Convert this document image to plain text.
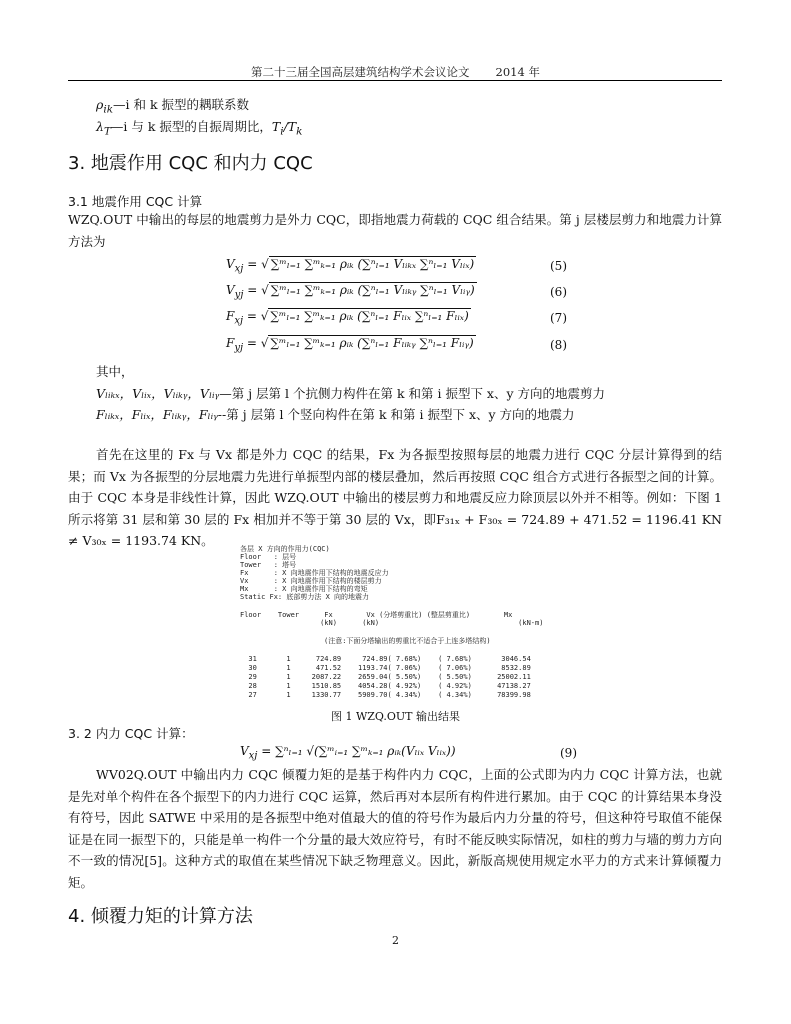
第二十三届全国高层建筑结构学术会议论文 2014 年
$\rho_{ik}—i$ 和 k 振型的耦联系数
$\lambda_T—i$ 与 k 振型的自振周期比，$T_i/T_k$
3. 地震作用 CQC 和内力 CQC
3.1 地震作用 CQC 计算
WZQ.OUT 中输出的每层的地震剪力是外力 CQC，即指地震力荷载的 CQC 组合结果。第 j 层楼层剪力和地震力计算方法为
$V_{xj}$ = √ ∑ᵐₗ₌₁ ∑ᵐₖ₌₁ ρᵢₖ (∑ⁿₗ₌₁ Vₗᵢₖₓ ∑ⁿₗ₌₁ Vₗᵢₓ)	(5)
$V_{yj}$ = √ ∑ᵐₗ₌₁ ∑ᵐₖ₌₁ ρᵢₖ (∑ⁿₗ₌₁ Vₗᵢₖᵧ ∑ⁿₗ₌₁ Vₗᵢᵧ)	(6)
$F_{xj}$ = √ ∑ᵐₗ₌₁ ∑ᵐₖ₌₁ ρᵢₖ (∑ⁿₗ₌₁ Fₗᵢₓ ∑ⁿₗ₌₁ Fₗᵢₓ)	(7)
$F_{yj}$ = √ ∑ᵐₗ₌₁ ∑ᵐₖ₌₁ ρᵢₖ (∑ⁿₗ₌₁ Fₗᵢₖᵧ ∑ⁿₗ₌₁ Fₗᵢᵧ)	(8)
其中，
Vₗᵢₖₓ，Vₗᵢₓ，Vₗᵢₖᵧ，Vₗᵢᵧ—第 j 层第 l 个抗侧力构件在第 k 和第 i 振型下 x、y 方向的地震剪力
Fₗᵢₖₓ，Fₗᵢₓ，Fₗᵢₖᵧ，Fₗᵢᵧ--第 j 层第 l 个竖向构件在第 k 和第 i 振型下 x、y 方向的地震力
首先在这里的 Fx 与 Vx 都是外力 CQC 的结果，Fx 为各振型按照每层的地震力进行 CQC 分层计算得到的结果；而 Vx 为各振型的分层地震力先进行单振型内部的楼层叠加，然后再按照 CQC 组合方式进行各振型之间的计算。由于 CQC 本身是非线性计算，因此 WZQ.OUT 中输出的楼层剪力和地震反应力除顶层以外并不相等。例如：下图 1 所示将第 31 层和第 30 层的 Fx 相加并不等于第 30 层的 Vx，即F₃₁ₓ + F₃₀ₓ = 724.89 + 471.52 = 1196.41 KN ≠ V₃₀ₓ = 1193.74 KN。
各层 X 方向的作用力(CQC)
Floor   : 层号
Tower   : 塔号
Fx      : X 向地震作用下结构的地震反应力
Vx      : X 向地震作用下结构的楼层剪力
Mx      : X 向地震作用下结构的弯矩
Static Fx: 底部剪力法 X 向的地震力
Floor    Tower      Fx        Vx (分塔剪重比) (整层剪重比)        Mx
(kN)      (kN)                                 (kN-m)
(注意:下面分塔输出的剪重比不适合于上连多塔结构)
31       1      724.89     724.89( 7.68%)    ( 7.68%)       3046.54
30       1      471.52    1193.74( 7.06%)    ( 7.06%)       8532.89
29       1     2087.22    2659.04( 5.50%)    ( 5.50%)      25002.11
28       1     1510.85    4054.28( 4.92%)    ( 4.92%)      47138.27
27       1     1330.77    5909.70( 4.34%)    ( 4.34%)      78399.98
图 1 WZQ.OUT 输出结果
3. 2 内力 CQC 计算：
$V_{xj} = \sum^n_{l=1}$ √(∑ᵐᵢ₌₁ ∑ᵐₖ₌₁ ρᵢₖ(Vₗᵢₓ Vₗᵢₓ))	(9)
WV02Q.OUT 中输出内力 CQC 倾覆力矩的是基于构件内力 CQC，上面的公式即为内力 CQC 计算方法，也就是先对单个构件在各个振型下的内力进行 CQC 运算，然后再对本层所有构件进行累加。由于 CQC 的计算结果本身没有符号，因此 SATWE 中采用的是各振型中绝对值最大的值的符号作为最后内力分量的符号，但这种符号取值不能保证是在同一振型下的，只能是单一构件一个分量的最大效应符号，有时不能反映实际情况，如柱的剪力与墙的剪力方向不一致的情况[5]。这种方式的取值在某些情况下缺乏物理意义。因此，新版高规使用规定水平力的方式来计算倾覆力矩。
4. 倾覆力矩的计算方法
2
